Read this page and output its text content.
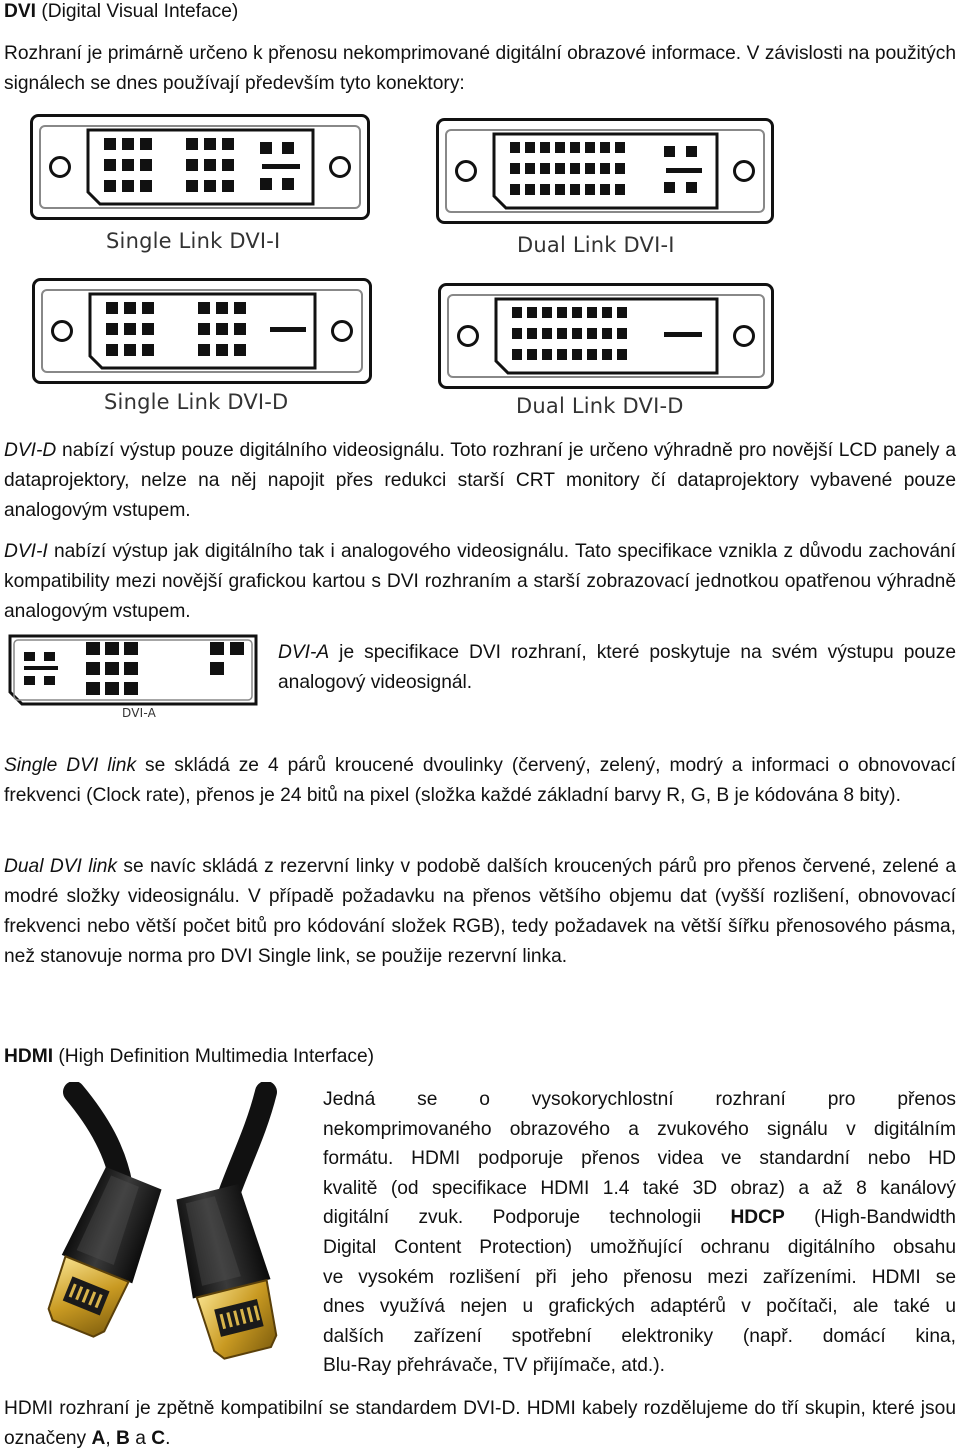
DVI (Digital Visual Inteface)

Rozhraní je primárně určeno k přenosu nekomprimované digitální obrazové informace. V závislosti na použitých signálech se dnes používají především tyto konektory:

Single Link DVI-I	Dual Link DVI-I
Single Link DVI-D	Dual Link DVI-D

DVI-D nabízí výstup pouze digitálního videosignálu. Toto rozhraní je určeno výhradně pro novější LCD panely a dataprojektory, nelze na něj napojit přes redukci starší CRT monitory čí dataprojektory vybavené pouze analogovým vstupem.

DVI-I nabízí výstup jak digitálního tak i analogového videosignálu. Tato specifikace vznikla z důvodu zachování kompatibility mezi novější grafickou kartou s DVI rozhraním a starší zobrazovací jednotkou opatřenou výhradně analogovým vstupem.

DVI-A

DVI-A je specifikace DVI rozhraní, které poskytuje na svém výstupu pouze analogový videosignál.

Single DVI link se skládá ze 4 párů kroucené dvoulinky (červený, zelený, modrý a informaci o obnovovací frekvenci (Clock rate), přenos je 24 bitů na pixel (složka každé základní barvy R, G, B je kódována 8 bity).

Dual DVI link se navíc skládá z rezervní linky v podobě dalších kroucených párů pro přenos červené, zelené a modré složky videosignálu. V případě požadavku na přenos většího objemu dat (vyšší rozlišení, obnovovací frekvenci nebo větší počet bitů pro kódování složek RGB), tedy požadavek na větší šířku přenosového pásma, než stanovuje norma pro DVI Single link, se použije rezervní linka.

HDMI (High Definition Multimedia Interface)

Jedná se o vysokorychlostní rozhraní pro přenos
nekomprimovaného obrazového a zvukového signálu v digitálním
formátu. HDMI podporuje přenos videa ve standardní nebo HD
kvalitě (od specifikace HDMI 1.4 také 3D obraz) a až 8 kanálový
digitální zvuk. Podporuje technologii HDCP (High-Bandwidth
Digital Content Protection) umožňující ochranu digitálního obsahu
ve vysokém rozlišení při jeho přenosu mezi zařízeními. HDMI se
dnes využívá nejen u grafických adaptérů v počítači, ale také u
dalších zařízení spotřební elektroniky (např. domácí kina,
Blu-Ray přehrávače, TV přijímače, atd.).

HDMI rozhraní je zpětně kompatibilní se standardem DVI-D. HDMI kabely rozdělujeme do tří skupin, které jsou označeny A, B a C.
